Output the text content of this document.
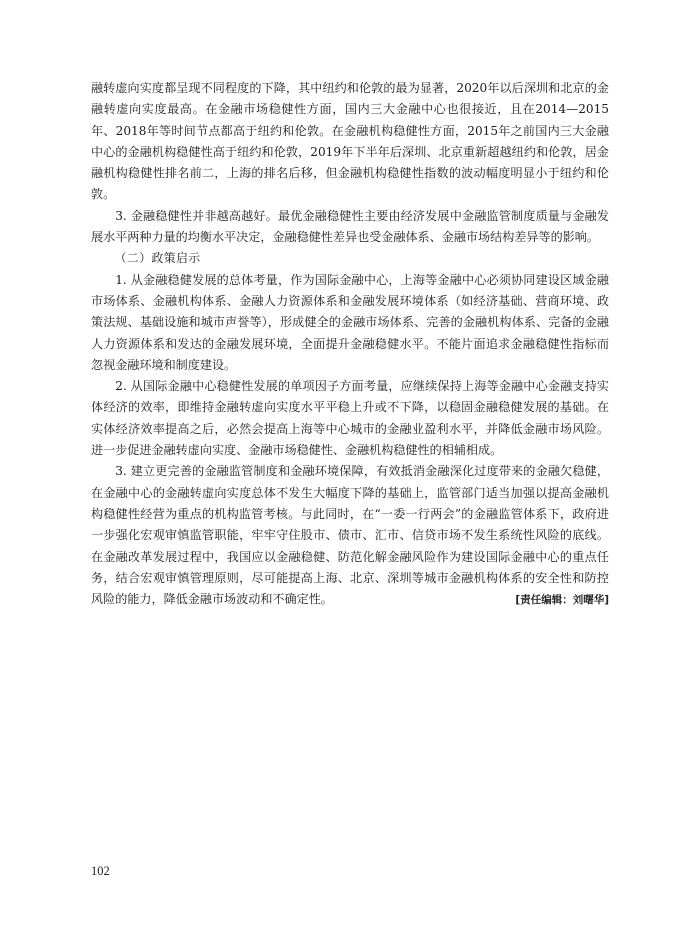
融转虚向实度都呈现不同程度的下降，其中纽约和伦敦的最为显著，2020年以后深圳和北京的金融转虚向实度最高。在金融市场稳健性方面，国内三大金融中心也很接近，且在2014—2015年、2018年等时间节点都高于纽约和伦敦。在金融机构稳健性方面，2015年之前国内三大金融中心的金融机构稳健性高于纽约和伦敦，2019年下半年后深圳、北京重新超越纽约和伦敦，居金融机构稳健性排名前二，上海的排名后移，但金融机构稳健性指数的波动幅度明显小于纽约和伦敦。

3. 金融稳健性并非越高越好。最优金融稳健性主要由经济发展中金融监管制度质量与金融发展水平两种力量的均衡水平决定，金融稳健性差异也受金融体系、金融市场结构差异等的影响。

（二）政策启示

1. 从金融稳健发展的总体考量，作为国际金融中心，上海等金融中心必须协同建设区域金融市场体系、金融机构体系、金融人力资源体系和金融发展环境体系（如经济基础、营商环境、政策法规、基础设施和城市声誉等），形成健全的金融市场体系、完善的金融机构体系、完备的金融人力资源体系和发达的金融发展环境，全面提升金融稳健水平。不能片面追求金融稳健性指标而忽视金融环境和制度建设。

2. 从国际金融中心稳健性发展的单项因子方面考量，应继续保持上海等金融中心金融支持实体经济的效率，即维持金融转虚向实度水平平稳上升或不下降，以稳固金融稳健发展的基础。在实体经济效率提高之后，必然会提高上海等中心城市的金融业盈利水平，并降低金融市场风险。进一步促进金融转虚向实度、金融市场稳健性、金融机构稳健性的相辅相成。

3. 建立更完善的金融监管制度和金融环境保障，有效抵消金融深化过度带来的金融欠稳健，在金融中心的金融转虚向实度总体不发生大幅度下降的基础上，监管部门适当加强以提高金融机构稳健性经营为重点的机构监管考核。与此同时，在“一委一行两会”的金融监管体系下，政府进一步强化宏观审慎监管职能，牢牢守住股市、债市、汇市、信贷市场不发生系统性风险的底线。在金融改革发展过程中，我国应以金融稳健、防范化解金融风险作为建设国际金融中心的重点任务，结合宏观审慎管理原则，尽可能提高上海、北京、深圳等城市金融机构体系的安全性和防控风险的能力，降低金融市场波动和不确定性。	[责任编辑：刘曙华]
102
